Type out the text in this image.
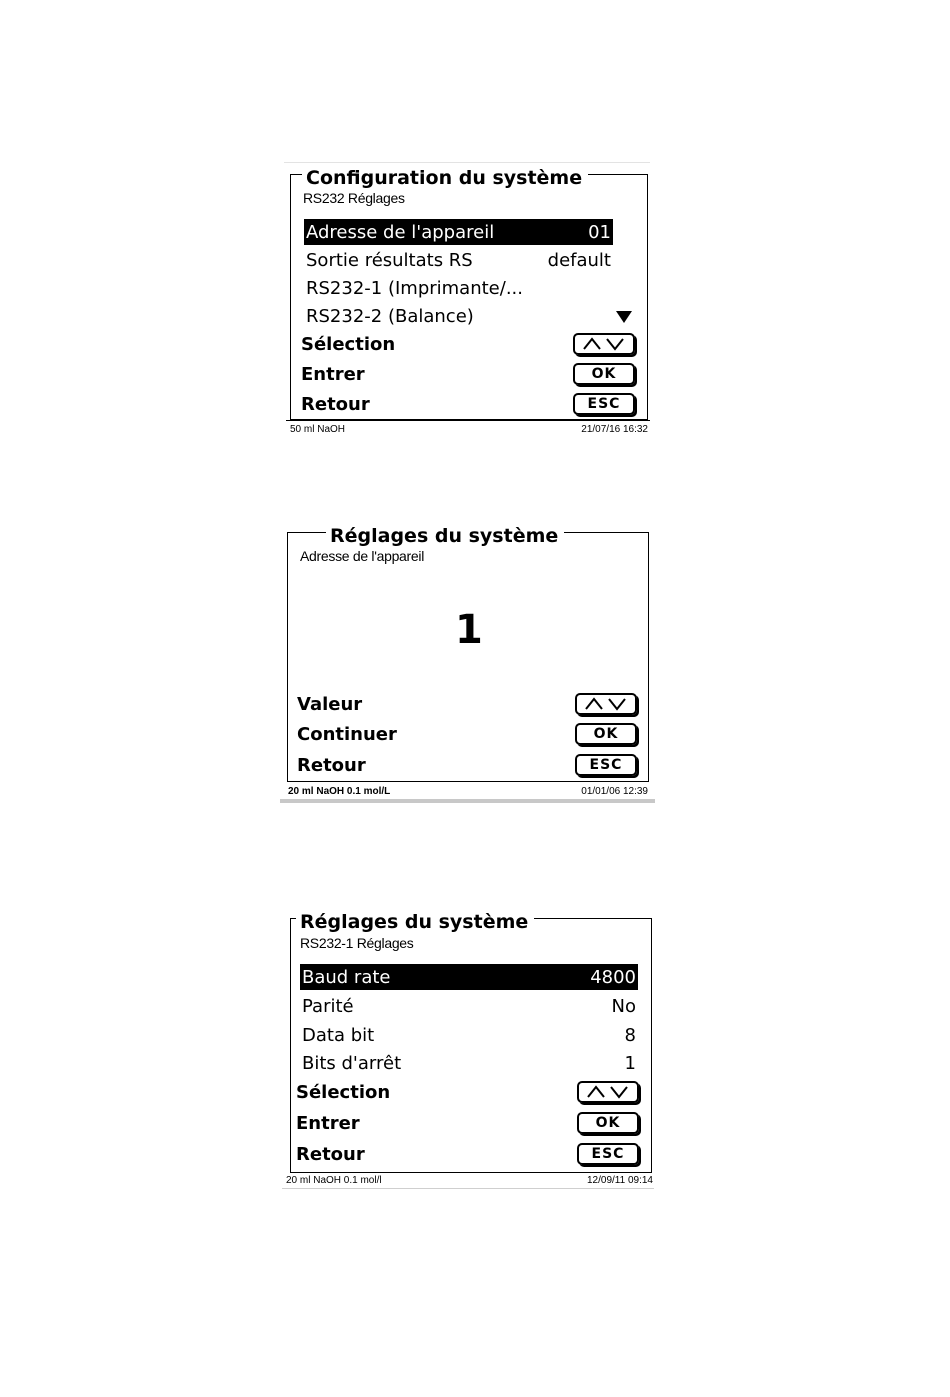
Configuration du système
RS232 Réglages
Adresse de l'appareil	01
Sortie résultats RS	default
RS232-1 (Imprimante/...
RS232-2 (Balance)
Sélection
Entrer	OK
Retour	ESC
50 ml NaOH	21/07/16 16:32
Réglages du système
Adresse de l'appareil
1
Valeur
Continuer	OK
Retour	ESC
20 ml NaOH 0.1 mol/L	01/01/06 12:39
Réglages du système
RS232-1 Réglages
Baud rate	4800
Parité	No
Data bit	8
Bits d'arrêt	1
Sélection
Entrer	OK
Retour	ESC
20 ml NaOH 0.1 mol/l	12/09/11 09:14
